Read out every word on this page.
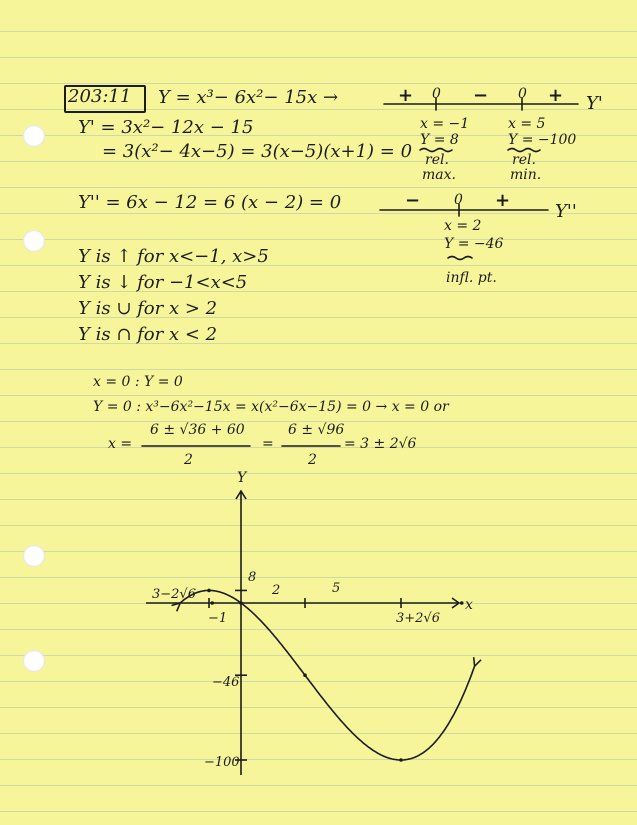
203:11 Y = x³− 6x²− 15x →
Y' = 3x²− 12x − 15
= 3(x²− 4x−5) = 3(x−5)(x+1) = 0
Y'' = 6x − 12 = 6 (x − 2) = 0
+ 0 − 0 + Y'
x = −1
Y = 8
rel.
max.
x = 5
Y = −100
rel.
min.
− 0 +
Y''
x = 2
Y = −46
infl. pt.
Y is ↑ for x<−1, x>5
Y is ↓ for −1<x<5
Y is ∪ for x > 2
Y is ∩ for x < 2
x = 0 : Y = 0
Y = 0 : x³−6x²−15x = x(x²−6x−15) = 0 → x = 0 or
x =
6 ± √36 + 60
2
=
6 ± √96
2
= 3 ± 2√6
Y
x
8
−46
−100
−1
2	5
3−2√6
3+2√6
